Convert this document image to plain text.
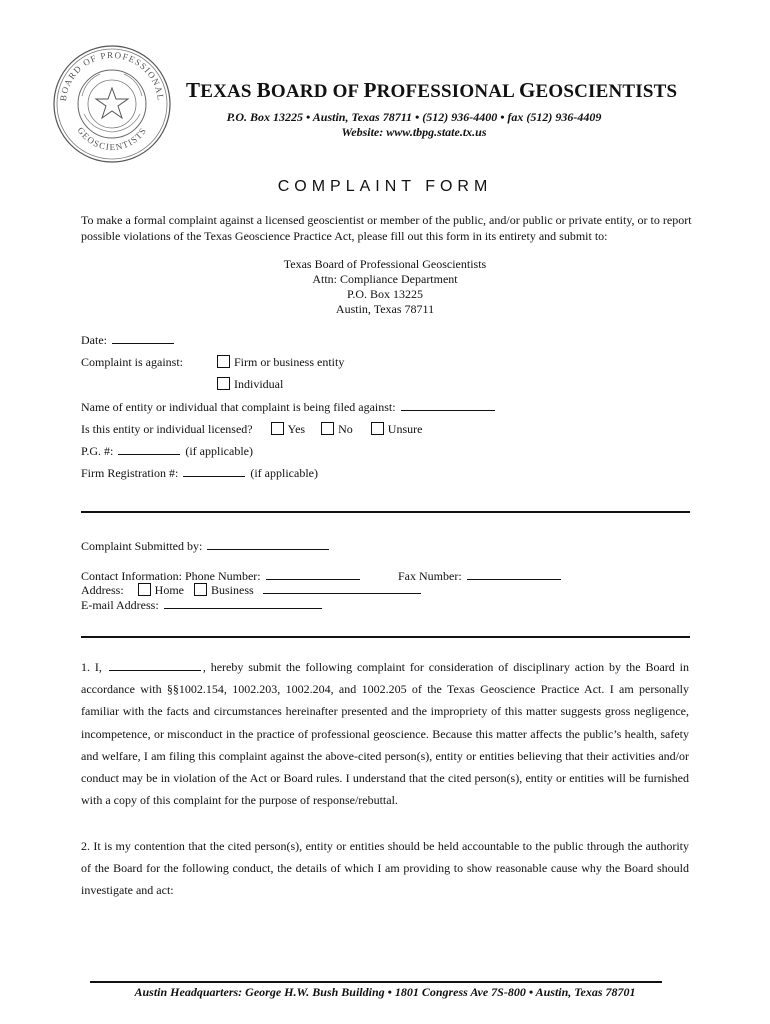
BOARD OF PROFESSIONAL
GEOSCIENTISTS
TEXAS BOARD OF PROFESSIONAL GEOSCIENTISTS
P.O. Box 13225 • Austin, Texas 78711 • (512) 936-4400 • fax (512) 936-4409
Website: www.tbpg.state.tx.us
COMPLAINT FORM
To make a formal complaint against a licensed geoscientist or member of the public, and/or public or private entity, or to report possible violations of the Texas Geoscience Practice Act, please fill out this form in its entirety and submit to:
Texas Board of Professional Geoscientists
Attn: Compliance Department
P.O. Box 13225
Austin, Texas 78711
Date:
Complaint is against:	Firm or business entity
Individual
Name of entity or individual that complaint is being filed against:
Is this entity or individual licensed?	Yes	No	Unsure
P.G. #:	(if applicable)
Firm Registration #:	(if applicable)
Complaint Submitted by:
Contact Information: Phone Number:	Fax Number:
Address:	Home Business
E-mail Address:
1. I,	, hereby submit the following complaint for consideration of disciplinary action by the Board in accordance with §§1002.154, 1002.203, 1002.204, and 1002.205 of the Texas Geoscience Practice Act. I am personally familiar with the facts and circumstances hereinafter presented and the impropriety of this matter suggests gross negligence, incompetence, or misconduct in the practice of professional geoscience. Because this matter affects the public’s health, safety and welfare, I am filing this complaint against the above-cited person(s), entity or entities believing that their activities and/or conduct may be in violation of the Act or Board rules. I understand that the cited person(s), entity or entities will be furnished with a copy of this complaint for the purpose of response/rebuttal.
2. It is my contention that the cited person(s), entity or entities should be held accountable to the public through the authority of the Board for the following conduct, the details of which I am providing to show reasonable cause why the Board should investigate and act:
Austin Headquarters: George H.W. Bush Building • 1801 Congress Ave 7S-800 • Austin, Texas 78701
